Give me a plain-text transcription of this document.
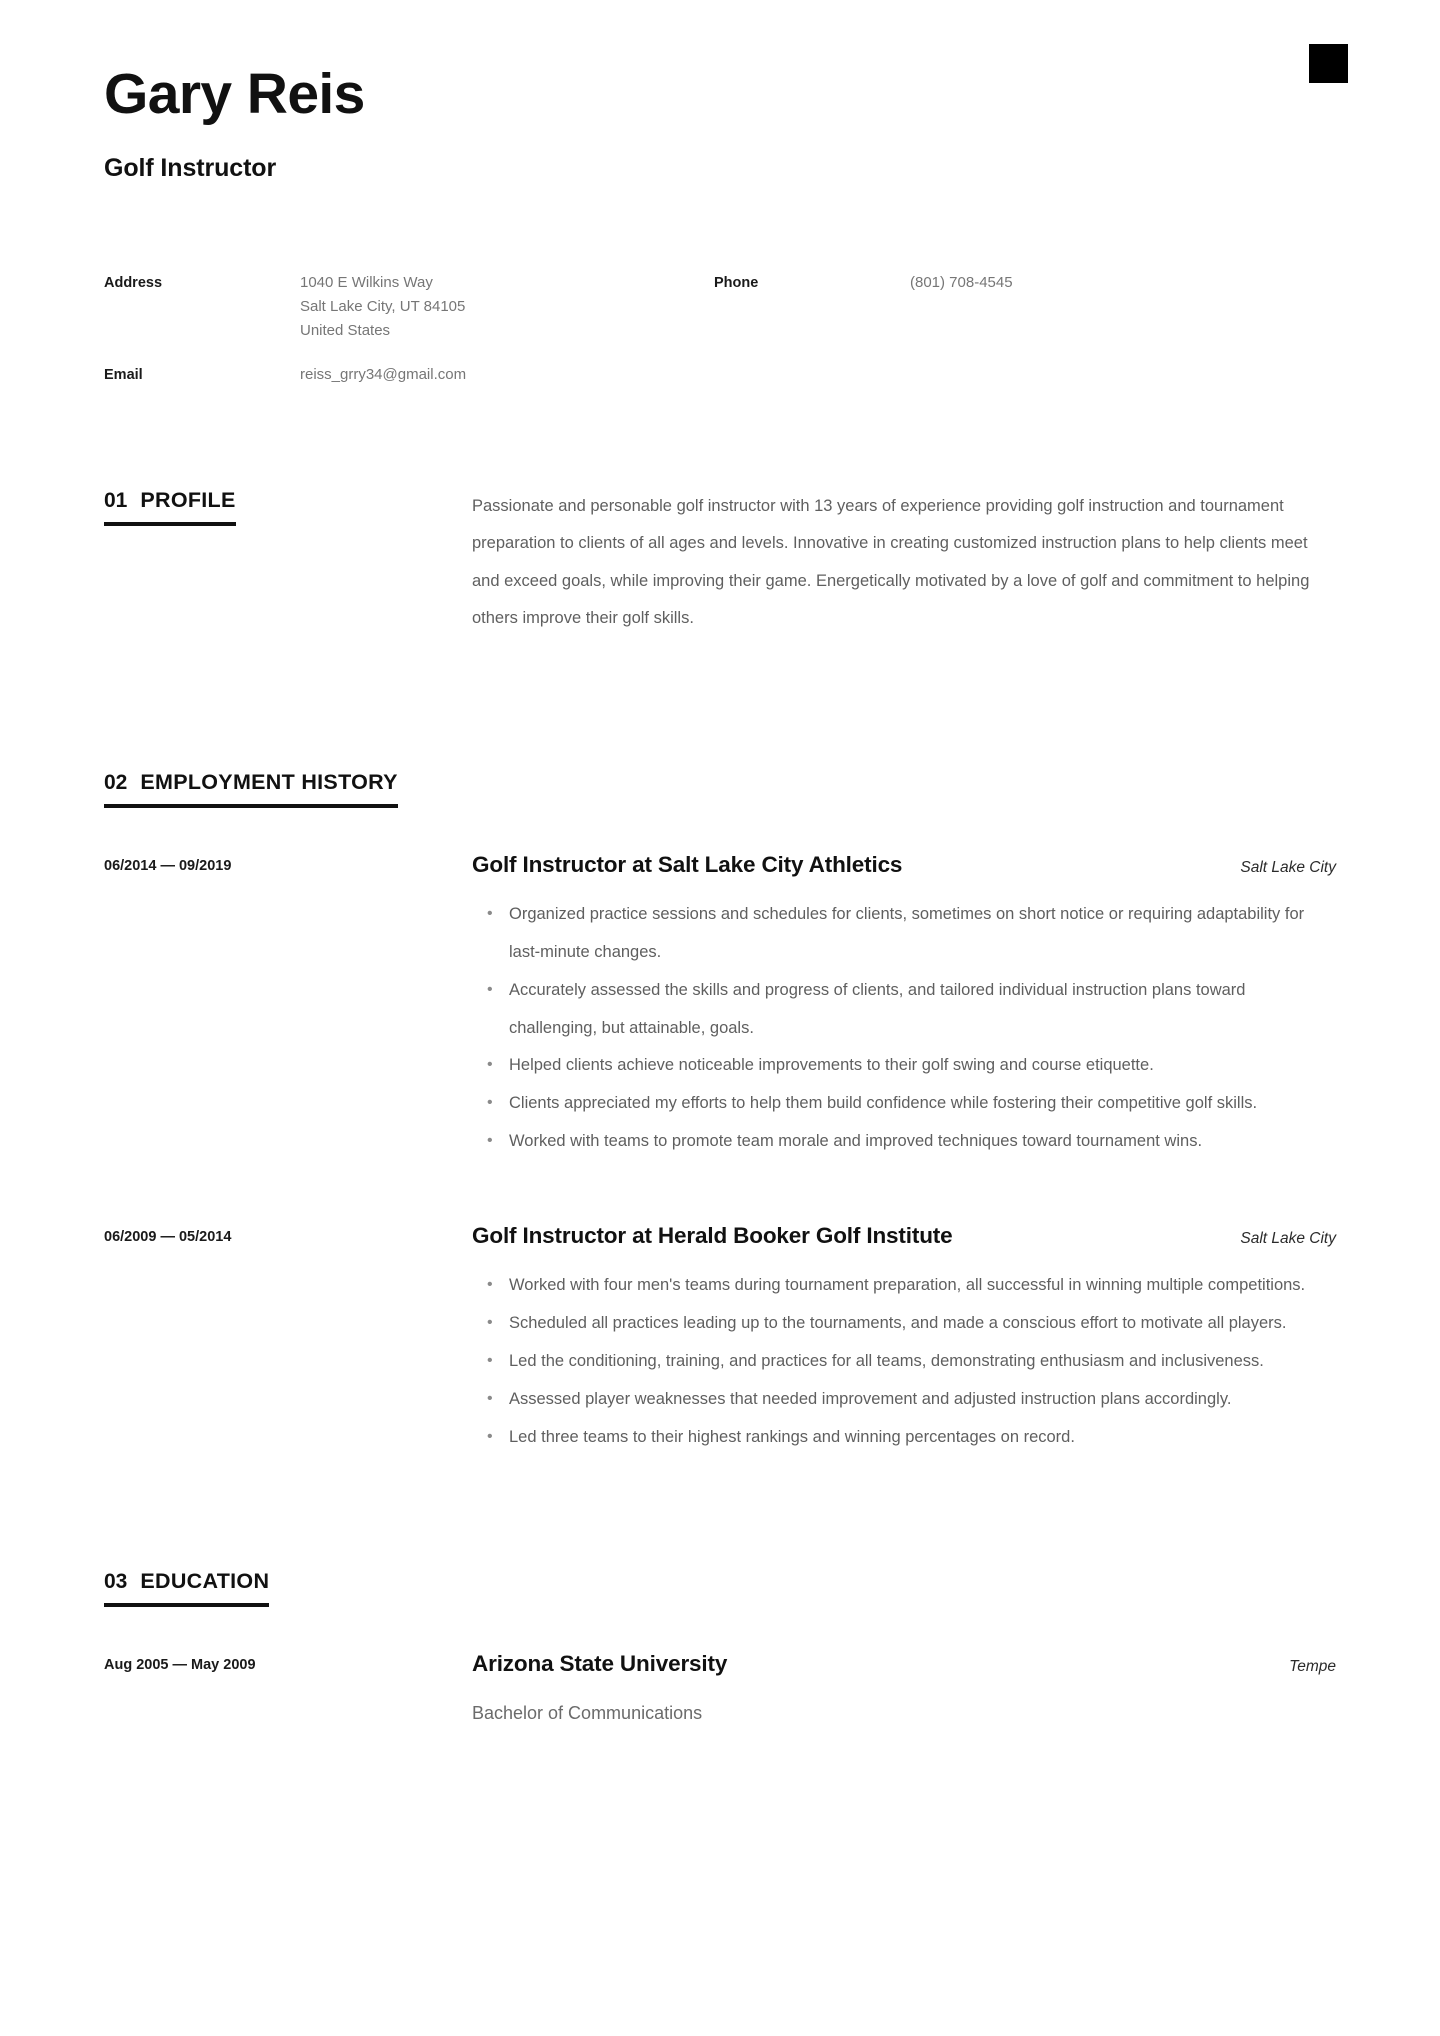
Gary Reis
Golf Instructor
Address	1040 E Wilkins Way
Salt Lake City, UT 84105
United States
Email	reiss_grry34@gmail.com
Phone	(801) 708-4545
01 PROFILE	Passionate and personable golf instructor with 13 years of experience providing golf instruction and tournament preparation to clients of all ages and levels. Innovative in creating customized instruction plans to help clients meet and exceed goals, while improving their game. Energetically motivated by a love of golf and commitment to helping others improve their golf skills.
02 EMPLOYMENT HISTORY
06/2014 — 09/2019	Golf Instructor at Salt Lake City Athletics	Salt Lake City
• Organized practice sessions and schedules for clients, sometimes on short notice or requiring adaptability for last-minute changes.
• Accurately assessed the skills and progress of clients, and tailored individual instruction plans toward challenging, but attainable, goals.
• Helped clients achieve noticeable improvements to their golf swing and course etiquette.
• Clients appreciated my efforts to help them build confidence while fostering their competitive golf skills.
• Worked with teams to promote team morale and improved techniques toward tournament wins.
06/2009 — 05/2014	Golf Instructor at Herald Booker Golf Institute	Salt Lake City
• Worked with four men's teams during tournament preparation, all successful in winning multiple competitions.
• Scheduled all practices leading up to the tournaments, and made a conscious effort to motivate all players.
• Led the conditioning, training, and practices for all teams, demonstrating enthusiasm and inclusiveness.
• Assessed player weaknesses that needed improvement and adjusted instruction plans accordingly.
• Led three teams to their highest rankings and winning percentages on record.
03 EDUCATION
Aug 2005 — May 2009	Arizona State University	Tempe
Bachelor of Communications
